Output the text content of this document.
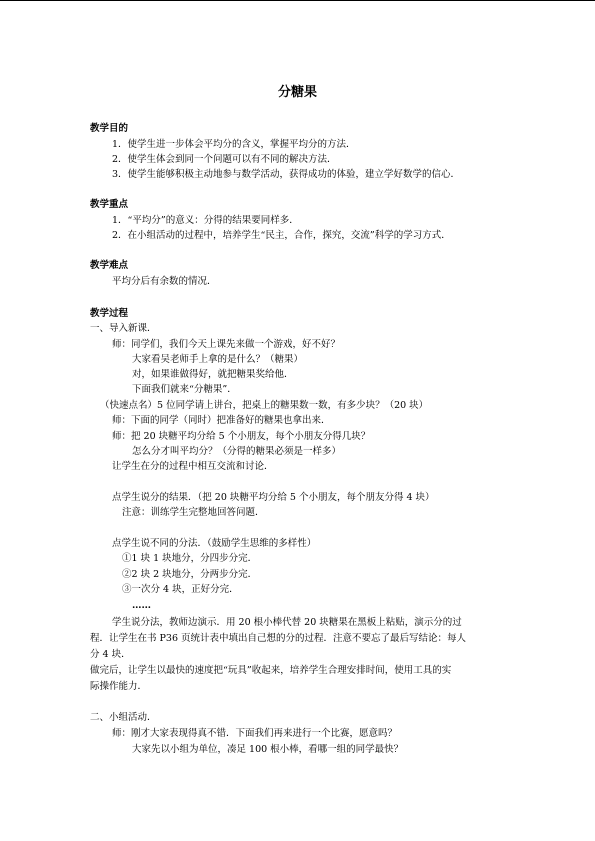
分糖果
教学目的
1．使学生进一步体会平均分的含义，掌握平均分的方法．
2．使学生体会到同一个问题可以有不同的解决方法．
3．使学生能够积极主动地参与数学活动，获得成功的体验，建立学好数学的信心．
教学重点
1．“平均分”的意义：分得的结果要同样多．
2．在小组活动的过程中，培养学生“民主，合作，探究，交流”科学的学习方式．
教学难点
平均分后有余数的情况．
教学过程
一、导入新课．
师：同学们，我们今天上课先来做一个游戏，好不好？
大家看吴老师手上拿的是什么？（糖果）
对，如果谁做得好，就把糖果奖给他．
下面我们就来“分糖果”．
（快速点名）5 位同学请上讲台，把桌上的糖果数一数，有多少块？（20 块）
师：下面的同学（同时）把准备好的糖果也拿出来．
师：把 20 块糖平均分给 5 个小朋友，每个小朋友分得几块？
怎么分才叫平均分？（分得的糖果必须是一样多）
让学生在分的过程中相互交流和讨论．
点学生说分的结果．（把 20 块糖平均分给 5 个小朋友，每个朋友分得 4 块）
注意：训练学生完整地回答问题．
点学生说不同的分法．（鼓励学生思维的多样性）
①1 块 1 块地分，分四步分完．
②2 块 2 块地分，分两步分完．
③一次分 4 块，正好分完．
……
学生说分法，教师边演示．用 20 根小棒代替 20 块糖果在黑板上粘贴，演示分的过
程．让学生在书 P36 页统计表中填出自己想的分的过程．注意不要忘了最后写结论：每人
分 4 块．
做完后，让学生以最快的速度把“玩具”收起来，培养学生合理安排时间，使用工具的实
际操作能力．
二、小组活动．
师：刚才大家表现得真不错．下面我们再来进行一个比赛，愿意吗？
大家先以小组为单位，凑足 100 根小棒，看哪一组的同学最快？
